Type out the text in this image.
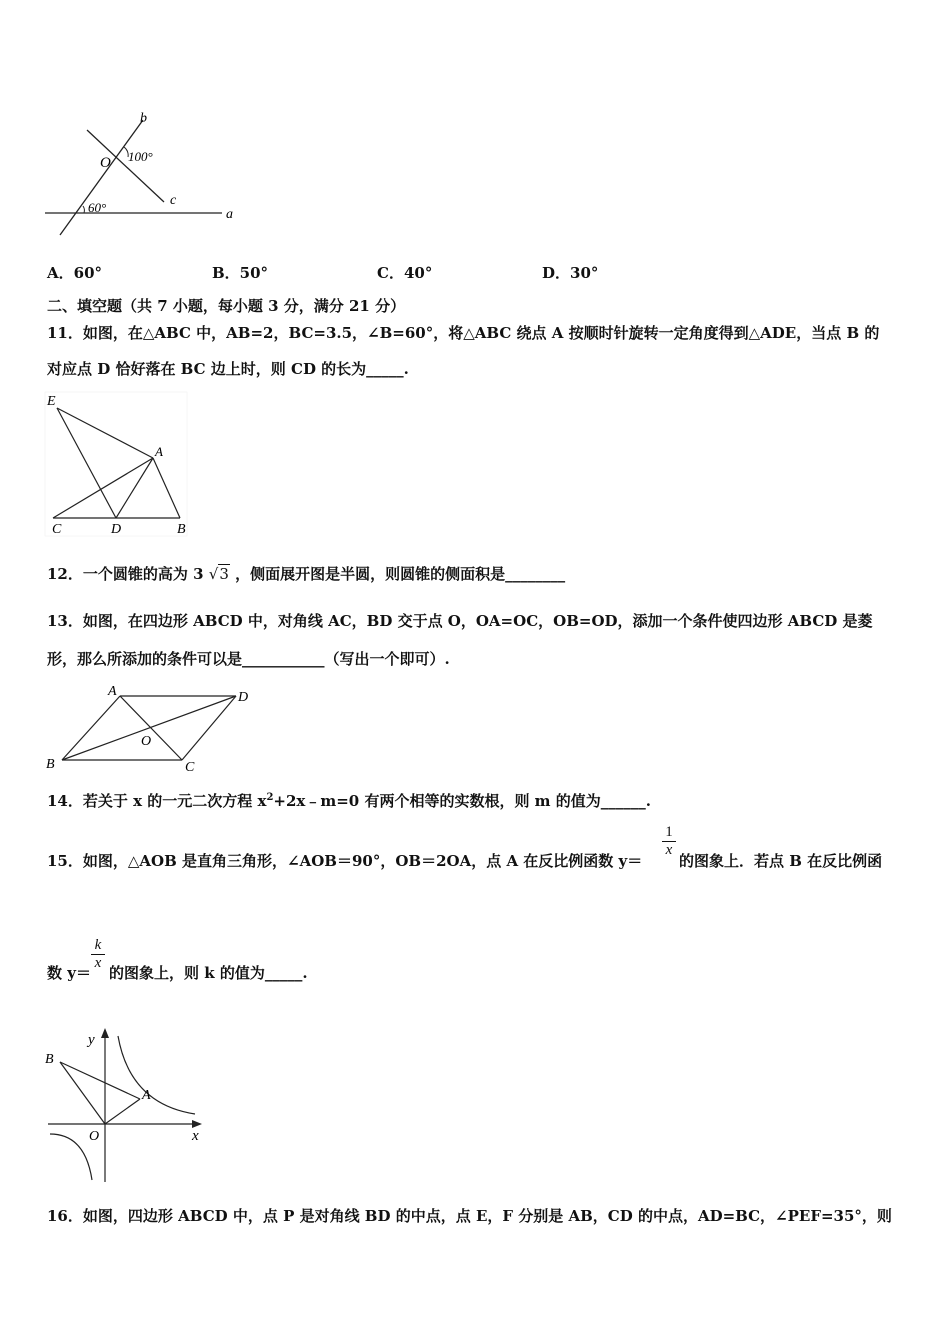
b
O 100°
c
60°	a
A．60°	B．50°	C．40°	D．30°
二、填空题（共 7 小题，每小题 3 分，满分 21 分）
11．如图，在△ABC 中，AB=2，BC=3.5，∠B=60°，将△ABC 绕点 A 按顺时针旋转一定角度得到△ADE，当点 B 的
对应点 D 恰好落在 BC 边上时，则 CD 的长为_____.
E
A
C	D	B
12．一个圆锥的高为 3 √3 ，侧面展开图是半圆，则圆锥的侧面积是________
13．如图，在四边形 ABCD 中，对角线 AC，BD 交于点 O，OA=OC，OB=OD，添加一个条件使四边形 ABCD 是菱
形，那么所添加的条件可以是___________（写出一个即可）.
A	D
O
B	C
14．若关于 x 的一元二次方程 $x^2+2x﹣m=0$ 有两个相等的实数根，则 m 的值为______.
15．如图，△AOB 是直角三角形，∠AOB＝90°，OB＝2OA，点 A 在反比例函数 y＝
$\frac{1}{x}$
的图象上．若点 B 在反比例函
数 y＝
$\frac{k}{x}$
的图象上，则 k 的值为_____.
y
B
A
O	x
16．如图，四边形 ABCD 中，点 P 是对角线 BD 的中点，点 E，F 分别是 AB，CD 的中点，AD=BC，∠PEF=35°，则
